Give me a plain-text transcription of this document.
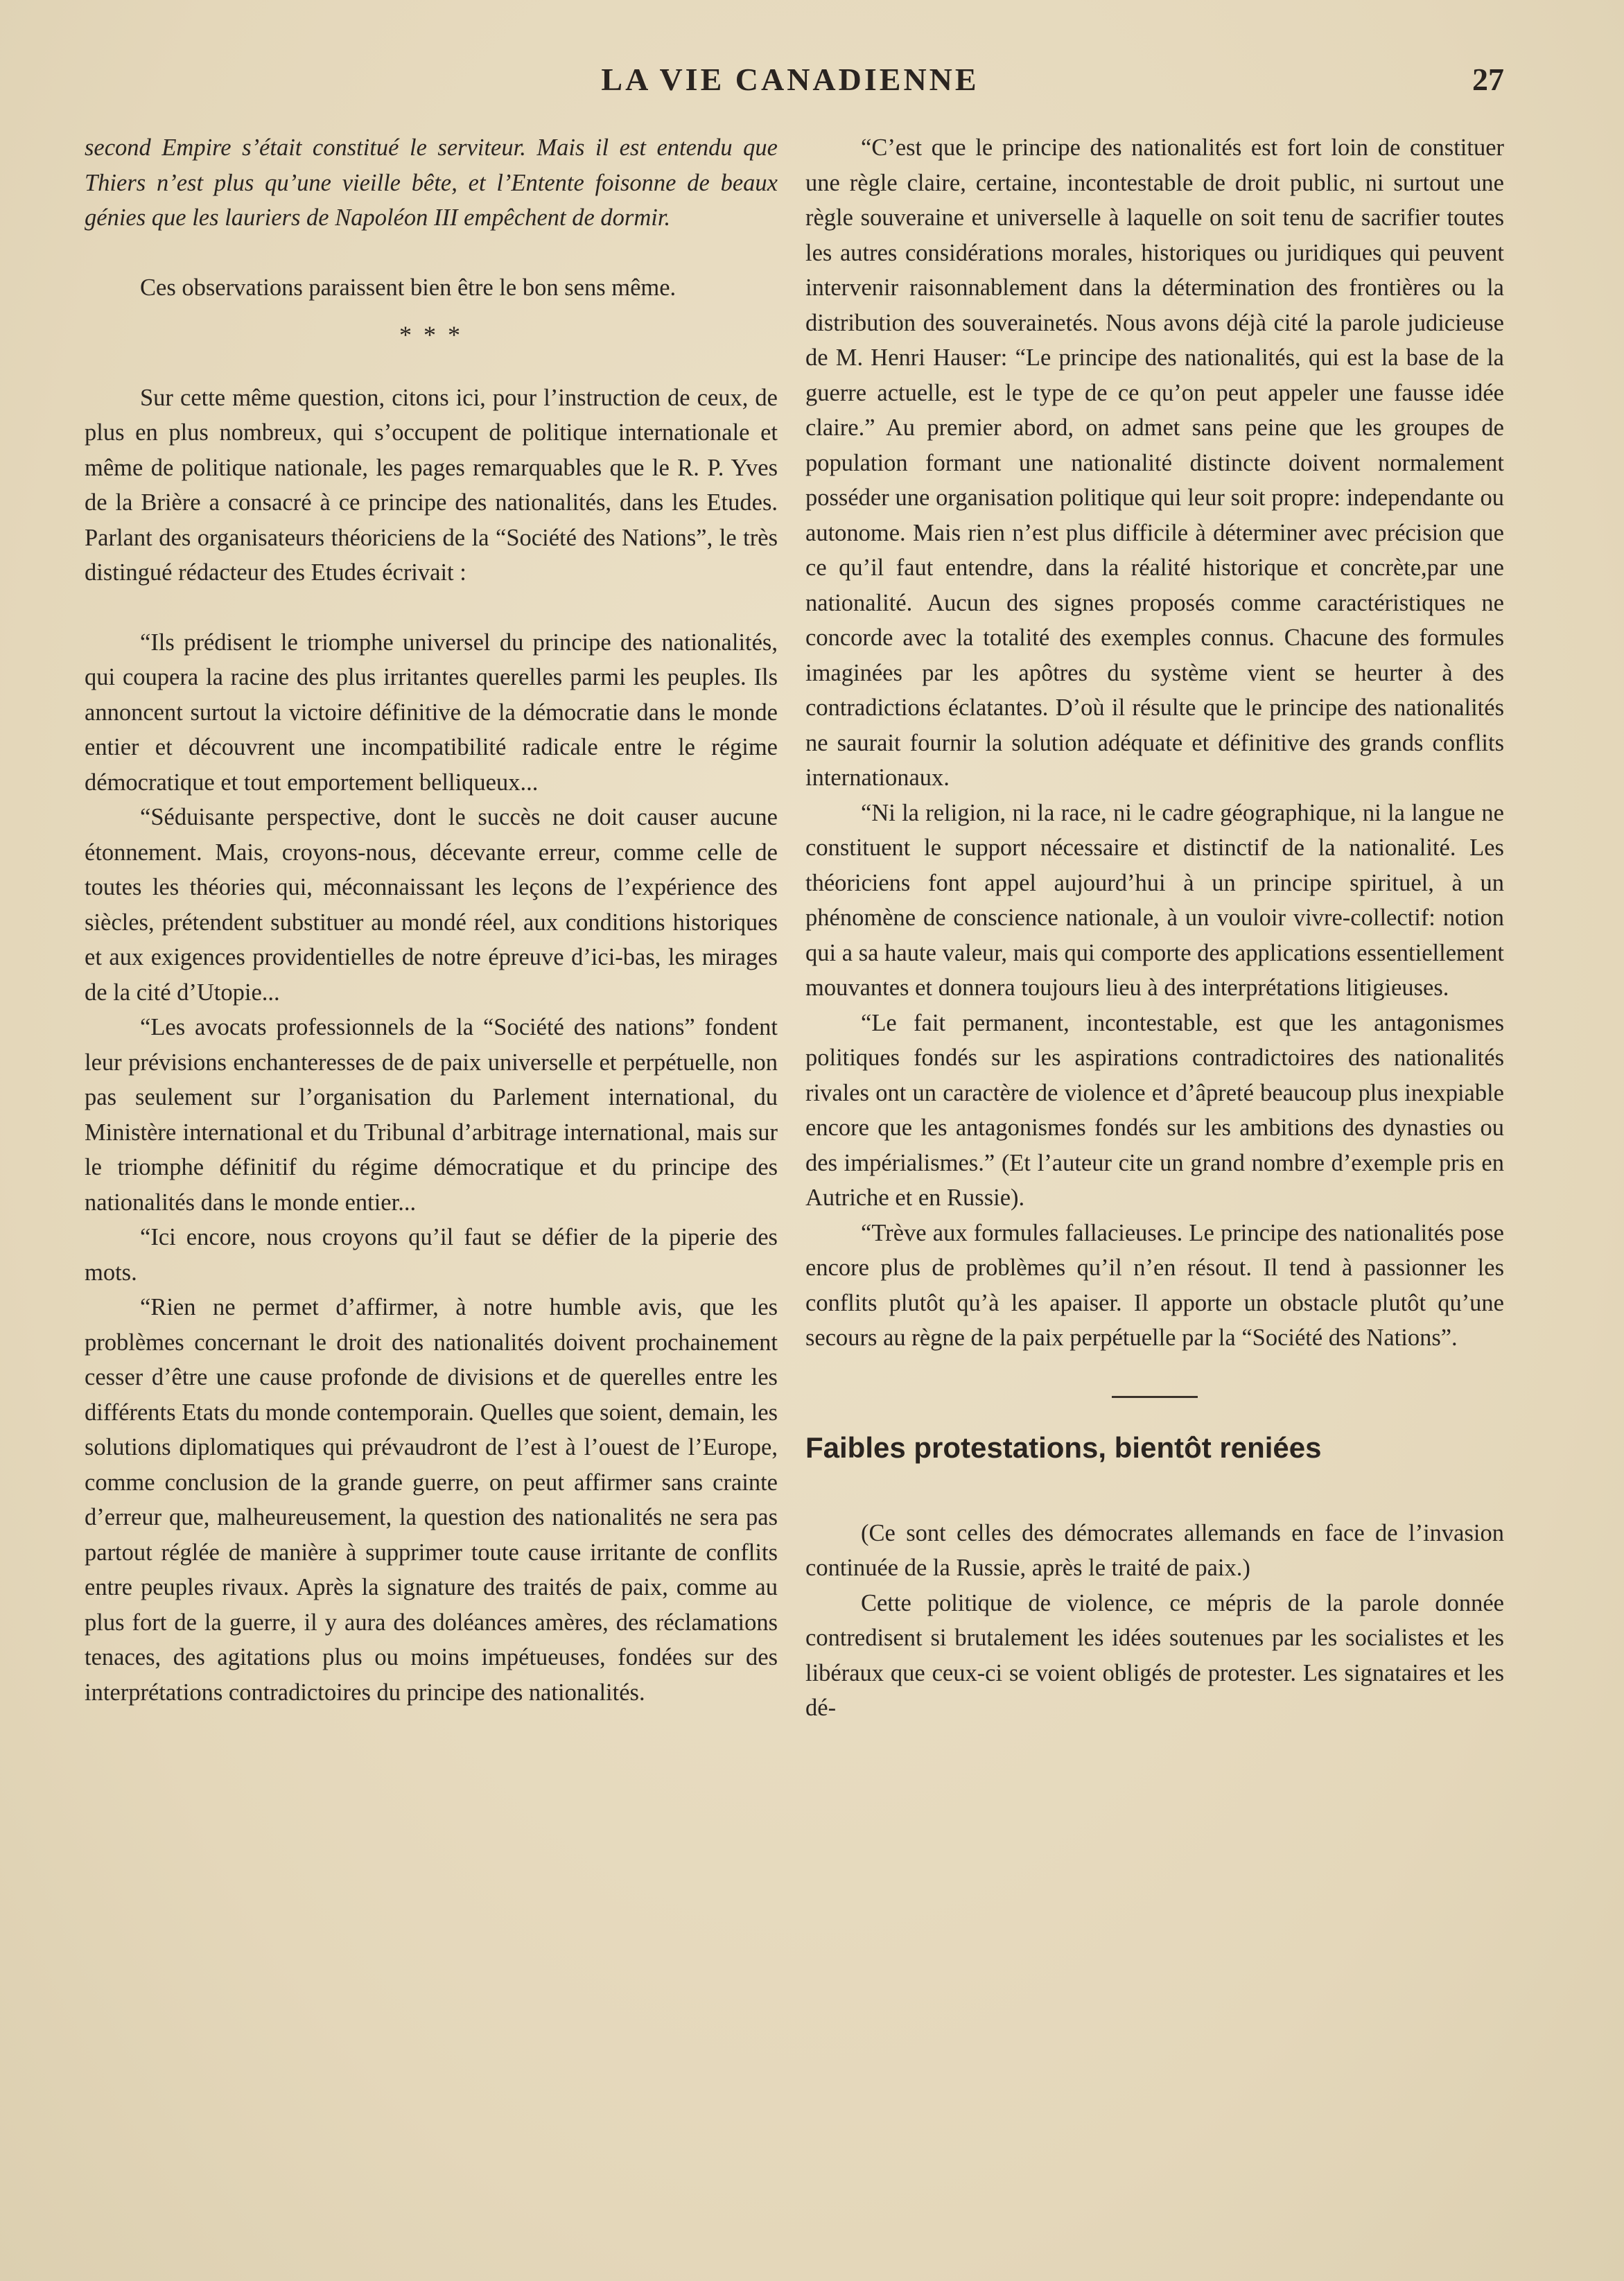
LA VIE CANADIENNE	27

second Empire s’était constitué le serviteur. Mais il est entendu que Thiers n’est plus qu’une vieille bête, et l’Entente foisonne de beaux génies que les lauriers de Napoléon III empêchent de dormir.

Ces observations paraissent bien être le bon sens même.

* * *

Sur cette même question, citons ici, pour l’instruction de ceux, de plus en plus nombreux, qui s’occupent de politique internationale et même de politique nationale, les pages remarquables que le R. P. Yves de la Brière a consacré à ce principe des nationalités, dans les Etudes. Parlant des organisateurs théoriciens de la “Société des Nations”, le très distingué rédacteur des Etudes écrivait :

“Ils prédisent le triomphe universel du principe des nationalités, qui coupera la racine des plus irritantes querelles parmi les peuples. Ils annoncent surtout la victoire définitive de la démocratie dans le monde entier et découvrent une incompatibilité radicale entre le régime démocratique et tout emportement belliqueux...

“Séduisante perspective, dont le succès ne doit causer aucune étonnement. Mais, croyons-nous, décevante erreur, comme celle de toutes les théories qui, méconnaissant les leçons de l’expérience des siècles, prétendent substituer au mondé réel, aux conditions historiques et aux exigences providentielles de notre épreuve d’ici-bas, les mirages de la cité d’Utopie...

“Les avocats professionnels de la “Société des nations” fondent leur prévisions enchanteresses de de paix universelle et perpétuelle, non pas seulement sur l’organisation du Parlement international, du Ministère international et du Tribunal d’arbitrage international, mais sur le triomphe définitif du régime démocratique et du principe des nationalités dans le monde entier...

“Ici encore, nous croyons qu’il faut se défier de la piperie des mots.

“Rien ne permet d’affirmer, à notre humble avis, que les problèmes concernant le droit des nationalités doivent prochainement cesser d’être une cause profonde de divisions et de querelles entre les différents Etats du monde contemporain. Quelles que soient, demain, les solutions diplomatiques qui prévaudront de l’est à l’ouest de l’Europe, comme conclusion de la grande guerre, on peut affirmer sans crainte d’erreur que, malheureusement, la question des nationalités ne sera pas partout réglée de manière à supprimer toute cause irritante de conflits entre peuples rivaux. Après la signature des traités de paix, comme au plus fort de la guerre, il y aura des doléances amères, des réclamations tenaces, des agitations plus ou moins impétueuses, fondées sur des interprétations contradictoires du principe des nationalités.

“C’est que le principe des nationalités est fort loin de constituer une règle claire, certaine, incontestable de droit public, ni surtout une règle souveraine et universelle à laquelle on soit tenu de sacrifier toutes les autres considérations morales, historiques ou juridiques qui peuvent intervenir raisonnablement dans la détermination des frontières ou la distribution des souverainetés. Nous avons déjà cité la parole judicieuse de M. Henri Hauser: “Le principe des nationalités, qui est la base de la guerre actuelle, est le type de ce qu’on peut appeler une fausse idée claire.” Au premier abord, on admet sans peine que les groupes de population formant une nationalité distincte doivent normalement posséder une organisation politique qui leur soit propre: independante ou autonome. Mais rien n’est plus difficile à déterminer avec précision que ce qu’il faut entendre, dans la réalité historique et concrète,par une nationalité. Aucun des signes proposés comme caractéristiques ne concorde avec la totalité des exemples connus. Chacune des formules imaginées par les apôtres du système vient se heurter à des contradictions éclatantes. D’où il résulte que le principe des nationalités ne saurait fournir la solution adéquate et définitive des grands conflits internationaux.

“Ni la religion, ni la race, ni le cadre géographique, ni la langue ne constituent le support nécessaire et distinctif de la nationalité. Les théoriciens font appel aujourd’hui à un principe spirituel, à un phénomène de conscience nationale, à un vouloir vivre-collectif: notion qui a sa haute valeur, mais qui comporte des applications essentiellement mouvantes et donnera toujours lieu à des interprétations litigieuses.

“Le fait permanent, incontestable, est que les antagonismes politiques fondés sur les aspirations contradictoires des nationalités rivales ont un caractère de violence et d’âpreté beaucoup plus inexpiable encore que les antagonismes fondés sur les ambitions des dynasties ou des impérialismes.” (Et l’auteur cite un grand nombre d’exemple pris en Autriche et en Russie).

“Trève aux formules fallacieuses. Le principe des nationalités pose encore plus de problèmes qu’il n’en résout. Il tend à passionner les conflits plutôt qu’à les apaiser. Il apporte un obstacle plutôt qu’une secours au règne de la paix perpétuelle par la “Société des Nations”.

Faibles protestations, bientôt reniées

(Ce sont celles des démocrates allemands en face de l’invasion continuée de la Russie, après le traité de paix.)

Cette politique de violence, ce mépris de la parole donnée contredisent si brutalement les idées soutenues par les socialistes et les libéraux que ceux-ci se voient obligés de protester. Les signataires et les dé-
